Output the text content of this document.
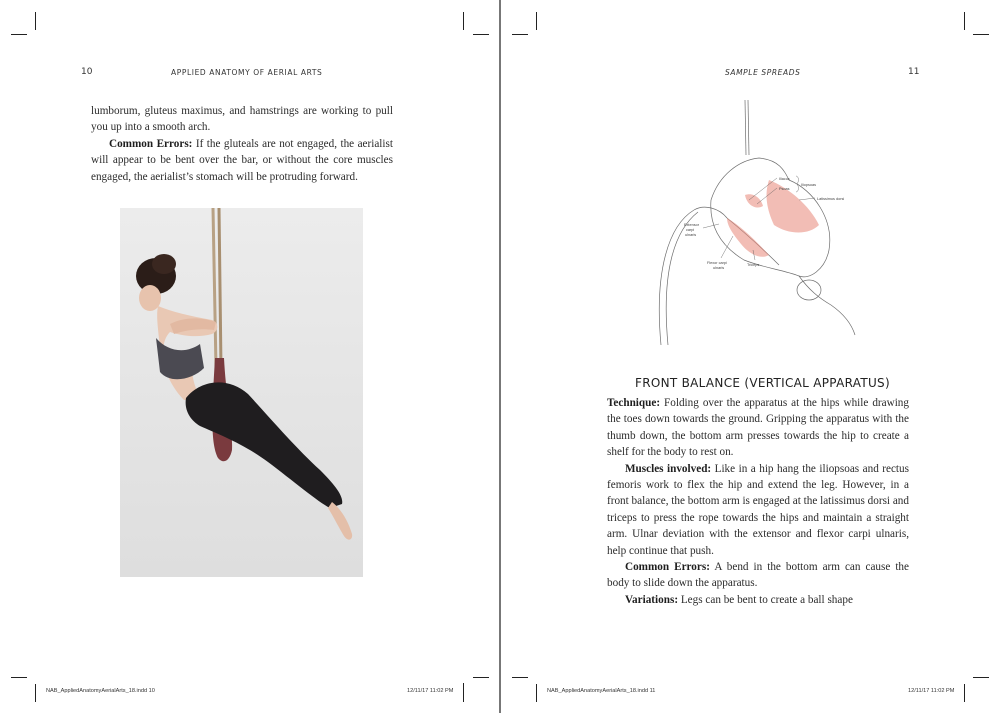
10	APPLIED ANATOMY OF AERIAL ARTS

lumborum, gluteus maximus, and hamstrings are working to pull you up into a smooth arch.

Common Errors: If the gluteals are not engaged, the aerialist will appear to be bent over the bar, or without the core muscles engaged, the aerialist’s stomach will be protruding forward.

NAB_AppliedAnatomyAerialArts_18.indd 10	12/11/17 11:02 PM
SAMPLE SPREADS	11
Iliacus
Psoas
Iliopsoas
Latissimus dorsi
Extensor
carpi
ulnaris
Flexor carpi
ulnaris
Triceps
FRONT BALANCE (VERTICAL APPARATUS)

Technique: Folding over the apparatus at the hips while drawing the toes down towards the ground. Gripping the apparatus with the thumb down, the bottom arm presses towards the hip to create a shelf for the body to rest on.

Muscles involved: Like in a hip hang the iliopsoas and rectus femoris work to flex the hip and extend the leg. However, in a front balance, the bottom arm is engaged at the latissimus dorsi and triceps to press the rope towards the hips and maintain a straight arm. Ulnar deviation with the extensor and flexor carpi ulnaris, help continue that push.

Common Errors: A bend in the bottom arm can cause the body to slide down the apparatus.

Variations: Legs can be bent to create a ball shape

NAB_AppliedAnatomyAerialArts_18.indd 11	12/11/17 11:02 PM
